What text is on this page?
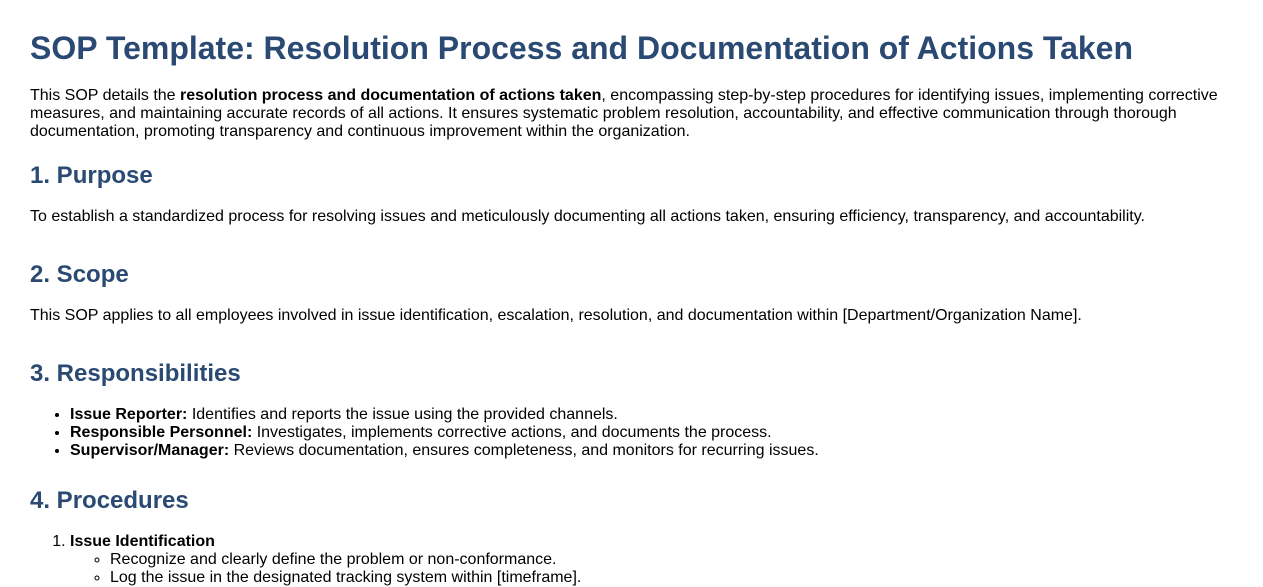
SOP Template: Resolution Process and Documentation of Actions Taken

This SOP details the resolution process and documentation of actions taken, encompassing step-by-step procedures for identifying issues, implementing corrective measures, and maintaining accurate records of all actions. It ensures systematic problem resolution, accountability, and effective communication through thorough documentation, promoting transparency and continuous improvement within the organization.

1. Purpose

To establish a standardized process for resolving issues and meticulously documenting all actions taken, ensuring efficiency, transparency, and accountability.

2. Scope

This SOP applies to all employees involved in issue identification, escalation, resolution, and documentation within [Department/Organization Name].

3. Responsibilities
• Issue Reporter: Identifies and reports the issue using the provided channels.
• Responsible Personnel: Investigates, implements corrective actions, and documents the process.
• Supervisor/Manager: Reviews documentation, ensures completeness, and monitors for recurring issues.
4. Procedures
1. Issue Identification
◦ Recognize and clearly define the problem or non-conformance.
◦ Log the issue in the designated tracking system within [timeframe].
